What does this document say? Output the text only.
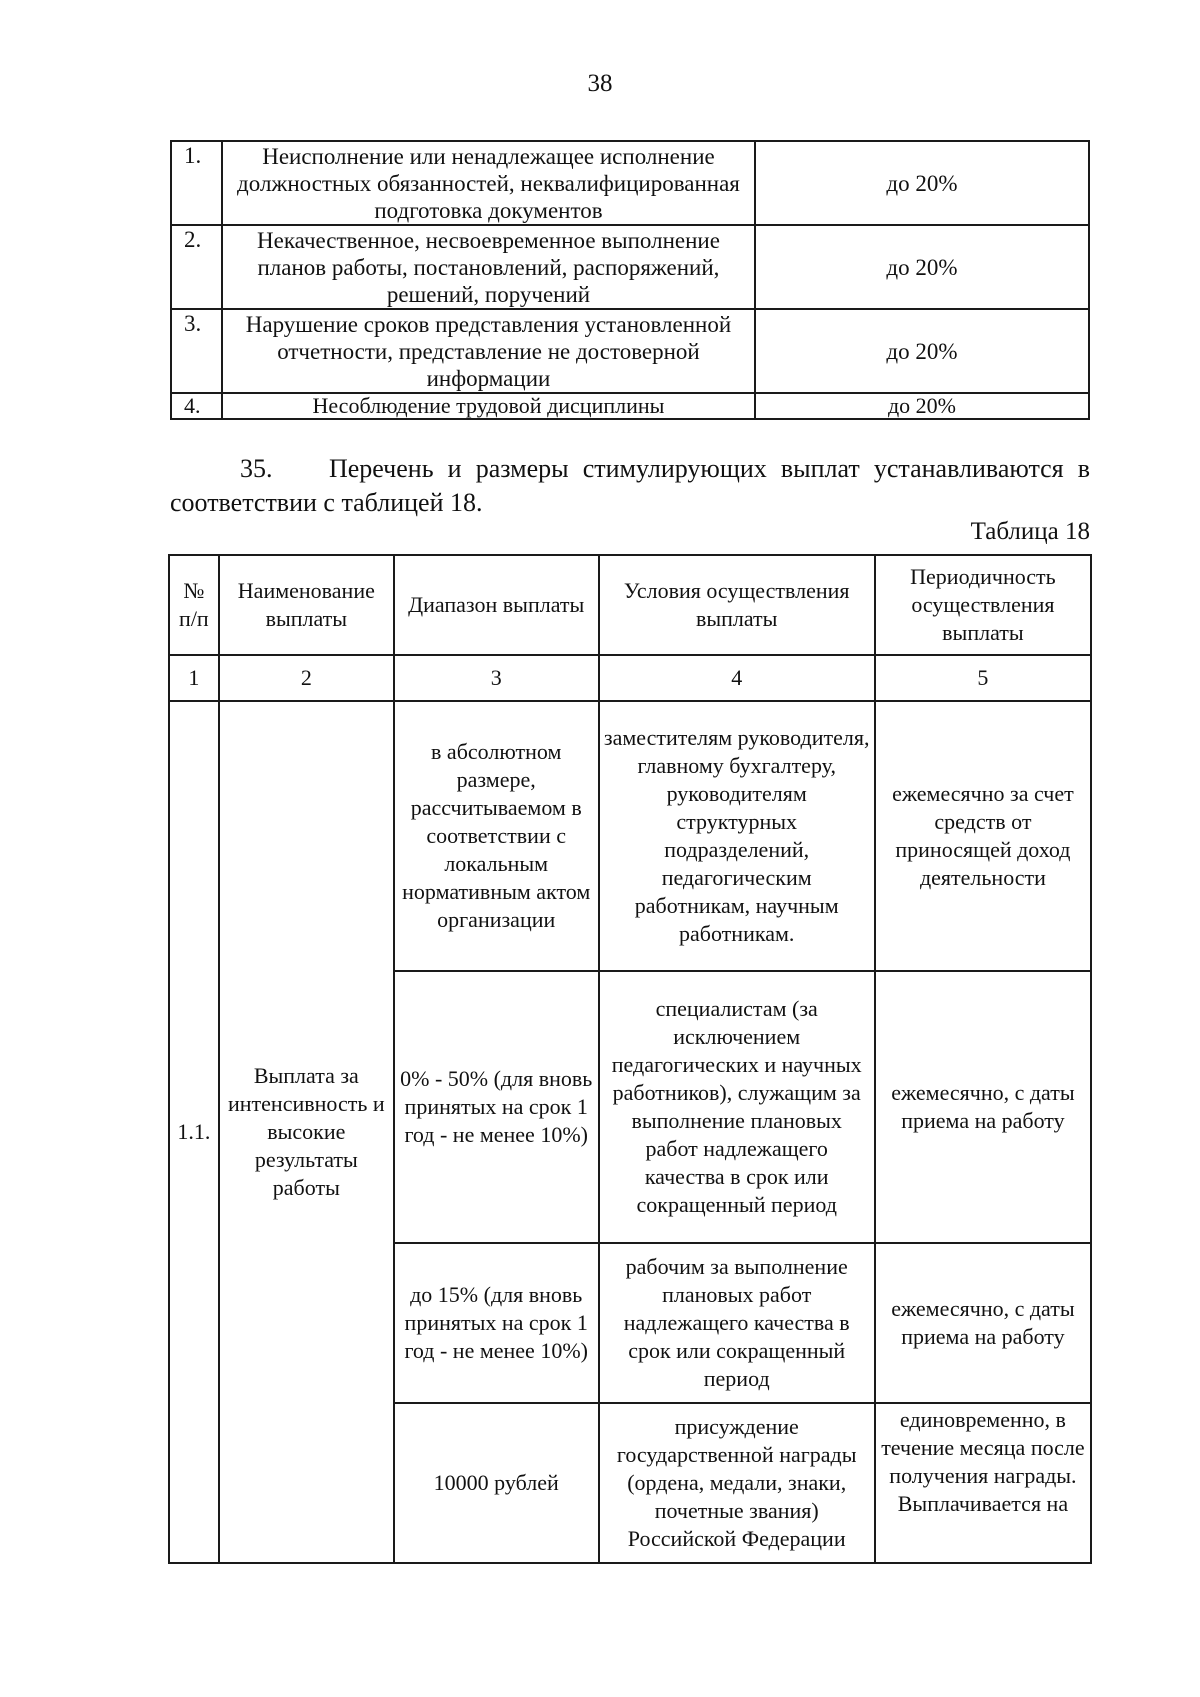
38
1.	Неисполнение или ненадлежащее исполнение должностных обязанностей, неквалифицированная подготовка документов	до 20%
2.	Некачественное, несвоевременное выполнение планов работы, постановлений, распоряжений, решений, поручений	до 20%
3.	Нарушение сроков представления установленной отчетности, представление не достоверной информации	до 20%
4.	Несоблюдение трудовой дисциплины	до 20%
35. Перечень и размеры стимулирующих выплат устанавливаются в соответствии с таблицей 18.
Таблица 18
№ п/п	Наименование выплаты	Диапазон выплаты	Условия осуществления выплаты	Периодичность осуществления выплаты
1	2	3	4	5
1.1.	Выплата за интенсивность и высокие результаты работы	в абсолютном размере, рассчитываемом в соответствии с локальным нормативным актом организации	заместителям руководителя, главному бухгалтеру, руководителям структурных подразделений, педагогическим работникам, научным работникам.	ежемесячно за счет средств от приносящей доход деятельности
		0% - 50% (для вновь принятых на срок 1 год - не менее 10%)	специалистам (за исключением педагогических и научных работников), служащим за выполнение плановых работ надлежащего качества в срок или сокращенный период	ежемесячно, с даты приема на работу
		до 15% (для вновь принятых на срок 1 год - не менее 10%)	рабочим за выполнение плановых работ надлежащего качества в срок или сокращенный период	ежемесячно, с даты приема на работу
		10000 рублей	присуждение государственной награды (ордена, медали, знаки, почетные звания) Российской Федерации	единовременно, в течение месяца после получения награды. Выплачивается на
